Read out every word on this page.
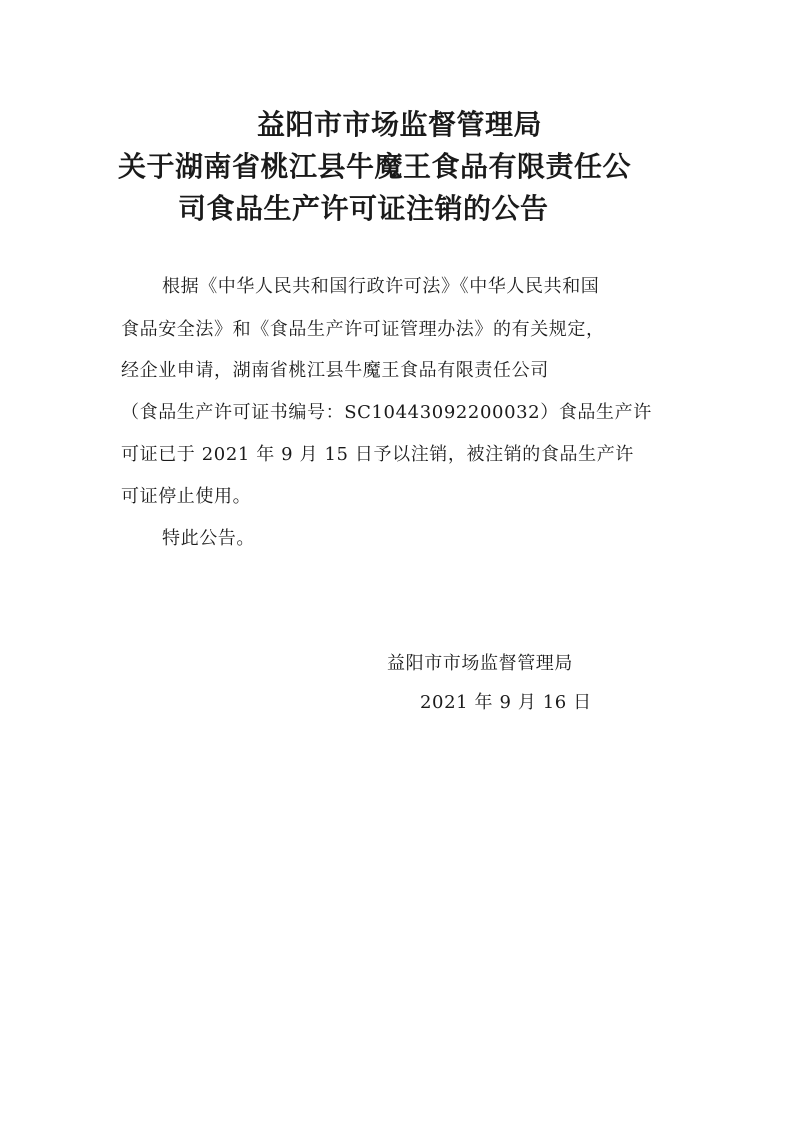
益阳市市场监督管理局
关于湖南省桃江县牛魔王食品有限责任公
司食品生产许可证注销的公告
根据《中华人民共和国行政许可法》《中华人民共和国
食品安全法》和《食品生产许可证管理办法》的有关规定，
经企业申请，湖南省桃江县牛魔王食品有限责任公司
（食品生产许可证书编号：SC10443092200032）食品生产许
可证已于 2021 年 9 月 15 日予以注销，被注销的食品生产许
可证停止使用。
特此公告。
益阳市市场监督管理局
2021 年 9 月 16 日
